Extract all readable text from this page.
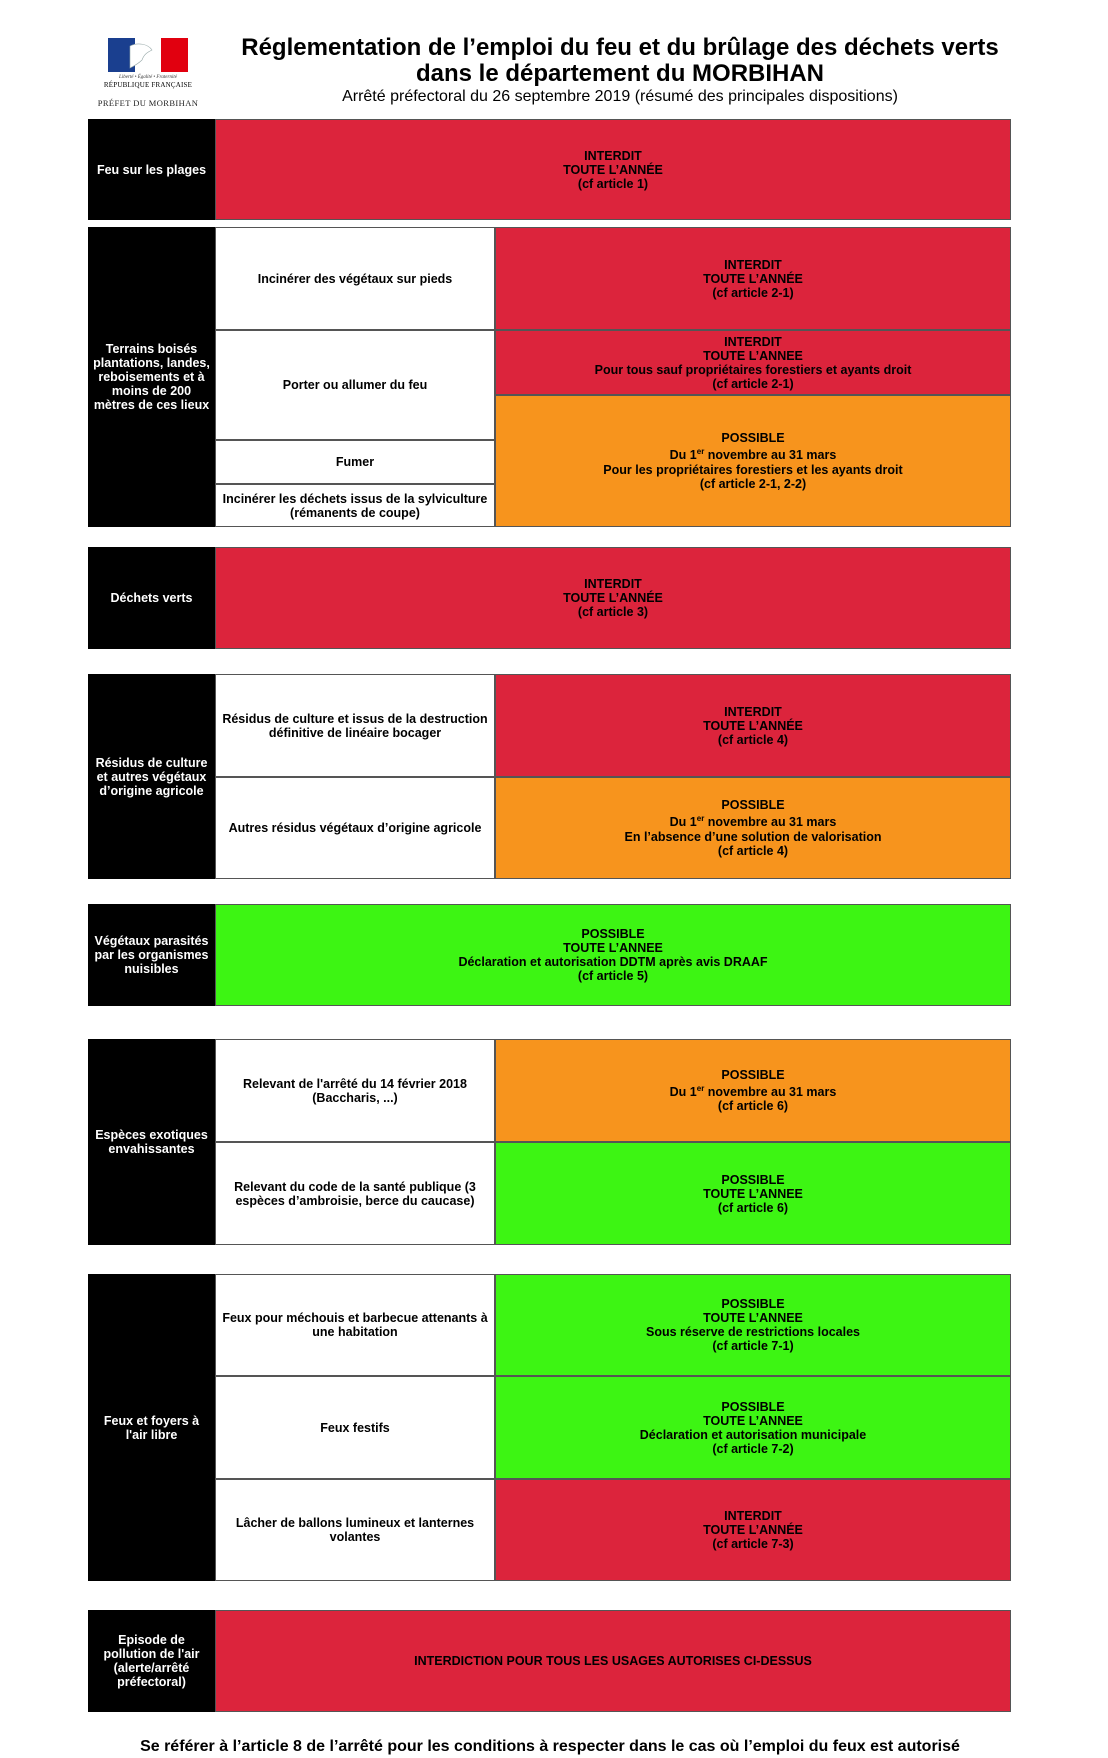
Liberté • Égalité • Fraternité
RÉPUBLIQUE FRANÇAISE
PRÉFET DU MORBIHAN
Réglementation de l’emploi du feu et du brûlage des déchets verts
dans le département du MORBIHAN
Arrêté préfectoral du 26 septembre 2019 (résumé des principales dispositions)
Feu sur les plages
INTERDIT
TOUTE L’ANNÉE
(cf article 1)
Terrains boisés plantations, landes, reboisements et à moins de 200 mètres de ces lieux
Incinérer des végétaux sur pieds
Porter ou allumer du feu
Fumer
Incinérer les déchets issus de la sylviculture (rémanents de coupe)
INTERDIT
TOUTE L’ANNÉE
(cf article 2-1)
INTERDIT
TOUTE L’ANNEE
Pour tous sauf propriétaires forestiers et ayants droit
(cf article 2-1)
POSSIBLE
Du 1er novembre au 31 mars
Pour les propriétaires forestiers et les ayants droit
(cf article 2-1, 2-2)
Déchets verts
INTERDIT
TOUTE L’ANNÉE
(cf article 3)
Résidus de culture et autres végétaux d’origine agricole
Résidus de culture et issus de la destruction définitive de linéaire bocager
Autres résidus végétaux d’origine agricole
INTERDIT
TOUTE L’ANNÉE
(cf article 4)
POSSIBLE
Du 1er novembre au 31 mars
En l’absence d’une solution de valorisation
(cf article 4)
Végétaux parasités par les organismes nuisibles
POSSIBLE
TOUTE L’ANNEE
Déclaration et autorisation DDTM après avis DRAAF
(cf article 5)
Espèces exotiques envahissantes
Relevant de l'arrêté du 14 février 2018 (Baccharis, ...)
Relevant du code de la santé publique (3 espèces d’ambroisie, berce du caucase)
POSSIBLE
Du 1er novembre au 31 mars
(cf article 6)
POSSIBLE
TOUTE L’ANNEE
(cf article 6)
Feux et foyers à l'air libre
Feux pour méchouis et barbecue attenants à une habitation
Feux festifs
Lâcher de ballons lumineux et lanternes volantes
POSSIBLE
TOUTE L’ANNEE
Sous réserve de restrictions locales
(cf article 7-1)
POSSIBLE
TOUTE L’ANNEE
Déclaration et autorisation municipale
(cf article 7-2)
INTERDIT
TOUTE L’ANNÉE
(cf article 7-3)
Episode de pollution de l'air (alerte/arrêté préfectoral)
INTERDICTION POUR TOUS LES USAGES AUTORISES CI-DESSUS
Se référer à l’article 8 de l’arrêté pour les conditions à respecter dans le cas où l’emploi du feux est autorisé
